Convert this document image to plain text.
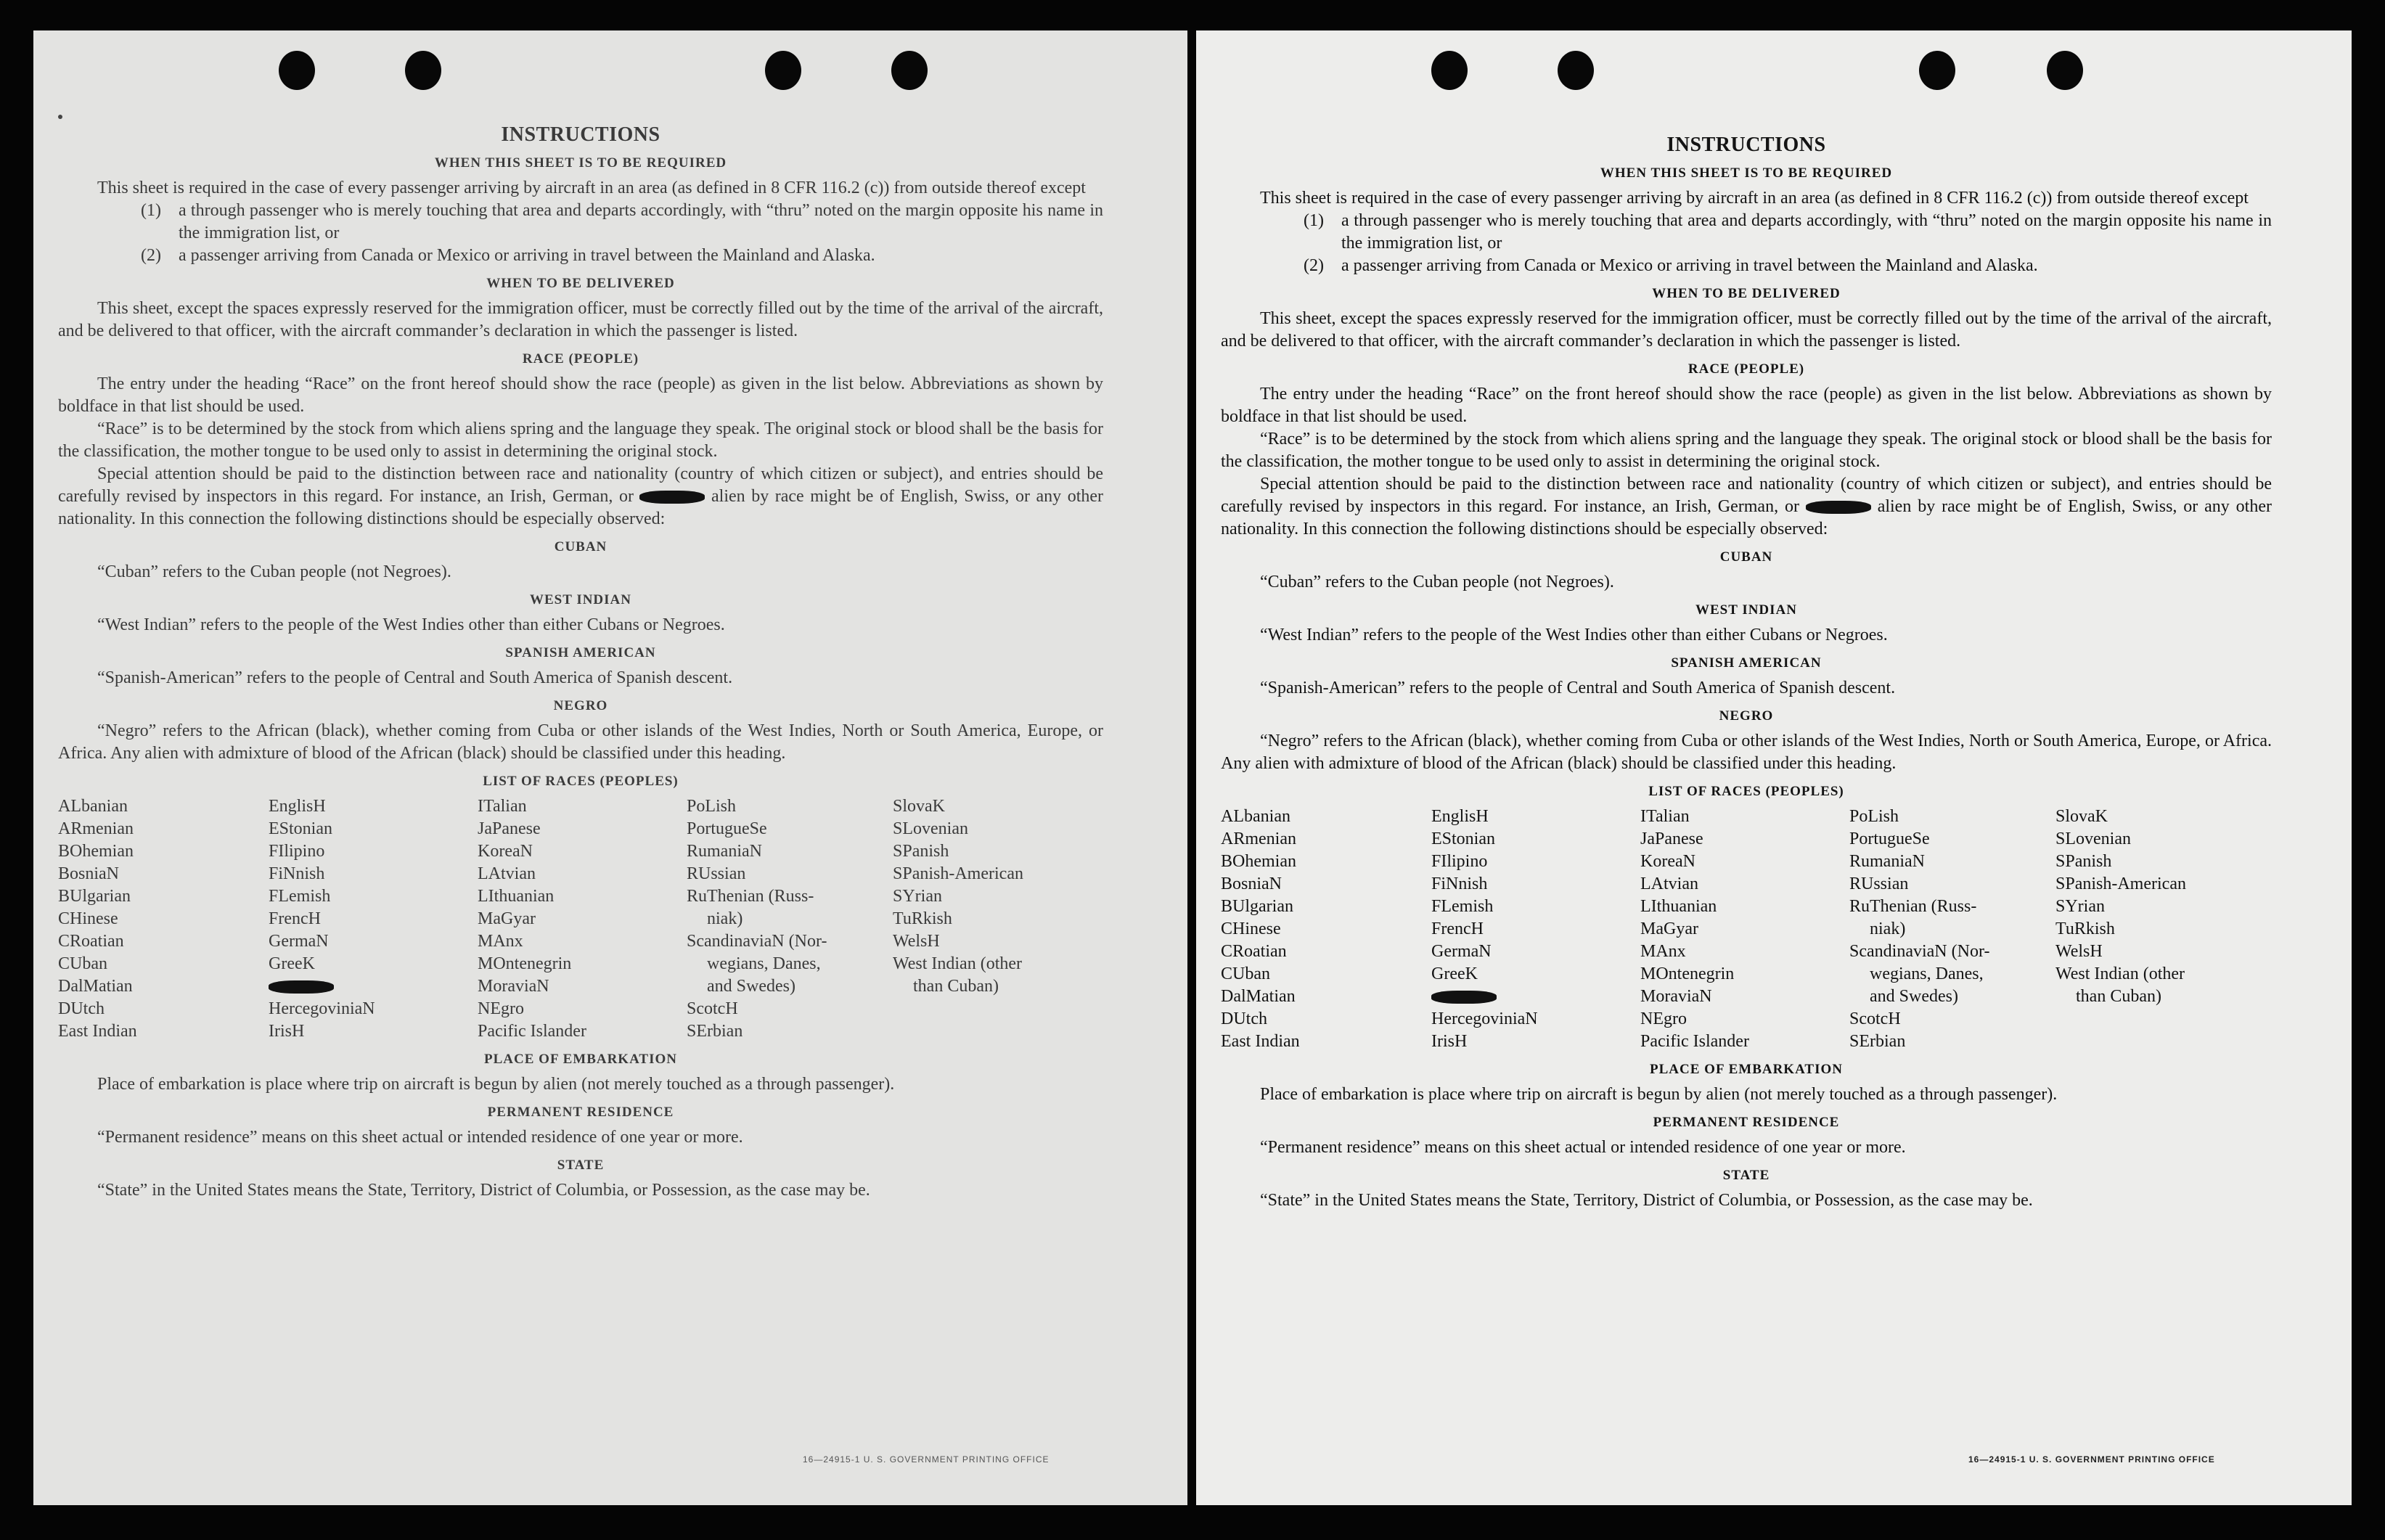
INSTRUCTIONS
WHEN THIS SHEET IS TO BE REQUIRED

This sheet is required in the case of every passenger arriving by aircraft in an area (as defined in 8 CFR 116.2 (c)) from outside thereof except

(1)	a through passenger who is merely touching that area and departs accordingly, with “thru” noted on the margin opposite his name in the immigration list, or
(2)	a passenger arriving from Canada or Mexico or arriving in travel between the Mainland and Alaska.
WHEN TO BE DELIVERED

This sheet, except the spaces expressly reserved for the immigration officer, must be correctly filled out by the time of the arrival of the aircraft, and be delivered to that officer, with the aircraft commander’s declaration in which the passenger is listed.

RACE (PEOPLE)

The entry under the heading “Race” on the front hereof should show the race (people) as given in the list below. Abbreviations as shown by boldface in that list should be used.

“Race” is to be determined by the stock from which aliens spring and the language they speak. The original stock or blood shall be the basis for the classification, the mother tongue to be used only to assist in determining the original stock.

Special attention should be paid to the distinction between race and nationality (country of which citizen or subject), and entries should be carefully revised by inspectors in this regard. For instance, an Irish, German, or	alien by race might be of English, Swiss, or any other nationality. In this connection the following distinctions should be especially observed:

CUBAN

“Cuban” refers to the Cuban people (not Negroes).

WEST INDIAN

“West Indian” refers to the people of the West Indies other than either Cubans or Negroes.

SPANISH AMERICAN

“Spanish-American” refers to the people of Central and South America of Spanish descent.

NEGRO

“Negro” refers to the African (black), whether coming from Cuba or other islands of the West Indies, North or South America, Europe, or Africa. Any alien with admixture of blood of the African (black) should be classified under this heading.

LIST OF RACES (PEOPLES)
ALbanian
ARmenian
BOhemian
BosniaN
BUlgarian
CHinese
CRoatian
CUban
DalMatian
DUtch
East Indian
EnglisH
EStonian
FIlipino
FiNnish
FLemish
FrencH
GermaN
GreeK
HercegoviniaN
IrisH
ITalian
JaPanese
KoreaN
LAtvian
LIthuanian
MaGyar
MAnx
MOntenegrin
MoraviaN
NEgro
Pacific Islander
PoLish
PortugueSe
RumaniaN
RUssian
RuThenian (Russ-
niak)
ScandinaviaN (Nor-
wegians, Danes,
and Swedes)
ScotcH
SErbian
SlovaK
SLovenian
SPanish
SPanish-American
SYrian
TuRkish
WelsH
West Indian (other
than Cuban)
PLACE OF EMBARKATION

Place of embarkation is place where trip on aircraft is begun by alien (not merely touched as a through passenger).

PERMANENT RESIDENCE

“Permanent residence” means on this sheet actual or intended residence of one year or more.

STATE

“State” in the United States means the State, Territory, District of Columbia, or Possession, as the case may be.

16—24915-1 U. S. GOVERNMENT PRINTING OFFICE
INSTRUCTIONS
WHEN THIS SHEET IS TO BE REQUIRED

This sheet is required in the case of every passenger arriving by aircraft in an area (as defined in 8 CFR 116.2 (c)) from outside thereof except

(1)	a through passenger who is merely touching that area and departs accordingly, with “thru” noted on the margin opposite his name in the immigration list, or
(2)	a passenger arriving from Canada or Mexico or arriving in travel between the Mainland and Alaska.
WHEN TO BE DELIVERED

This sheet, except the spaces expressly reserved for the immigration officer, must be correctly filled out by the time of the arrival of the aircraft, and be delivered to that officer, with the aircraft commander’s declaration in which the passenger is listed.

RACE (PEOPLE)

The entry under the heading “Race” on the front hereof should show the race (people) as given in the list below. Abbreviations as shown by boldface in that list should be used.

“Race” is to be determined by the stock from which aliens spring and the language they speak. The original stock or blood shall be the basis for the classification, the mother tongue to be used only to assist in determining the original stock.

Special attention should be paid to the distinction between race and nationality (country of which citizen or subject), and entries should be carefully revised by inspectors in this regard. For instance, an Irish, German, or	alien by race might be of English, Swiss, or any other nationality. In this connection the following distinctions should be especially observed:

CUBAN

“Cuban” refers to the Cuban people (not Negroes).

WEST INDIAN

“West Indian” refers to the people of the West Indies other than either Cubans or Negroes.

SPANISH AMERICAN

“Spanish-American” refers to the people of Central and South America of Spanish descent.

NEGRO

“Negro” refers to the African (black), whether coming from Cuba or other islands of the West Indies, North or South America, Europe, or Africa. Any alien with admixture of blood of the African (black) should be classified under this heading.

LIST OF RACES (PEOPLES)
ALbanian
ARmenian
BOhemian
BosniaN
BUlgarian
CHinese
CRoatian
CUban
DalMatian
DUtch
East Indian
EnglisH
EStonian
FIlipino
FiNnish
FLemish
FrencH
GermaN
GreeK
HercegoviniaN
IrisH
ITalian
JaPanese
KoreaN
LAtvian
LIthuanian
MaGyar
MAnx
MOntenegrin
MoraviaN
NEgro
Pacific Islander
PoLish
PortugueSe
RumaniaN
RUssian
RuThenian (Russ-
niak)
ScandinaviaN (Nor-
wegians, Danes,
and Swedes)
ScotcH
SErbian
SlovaK
SLovenian
SPanish
SPanish-American
SYrian
TuRkish
WelsH
West Indian (other
than Cuban)
PLACE OF EMBARKATION

Place of embarkation is place where trip on aircraft is begun by alien (not merely touched as a through passenger).

PERMANENT RESIDENCE

“Permanent residence” means on this sheet actual or intended residence of one year or more.

STATE

“State” in the United States means the State, Territory, District of Columbia, or Possession, as the case may be.

16—24915-1 U. S. GOVERNMENT PRINTING OFFICE
